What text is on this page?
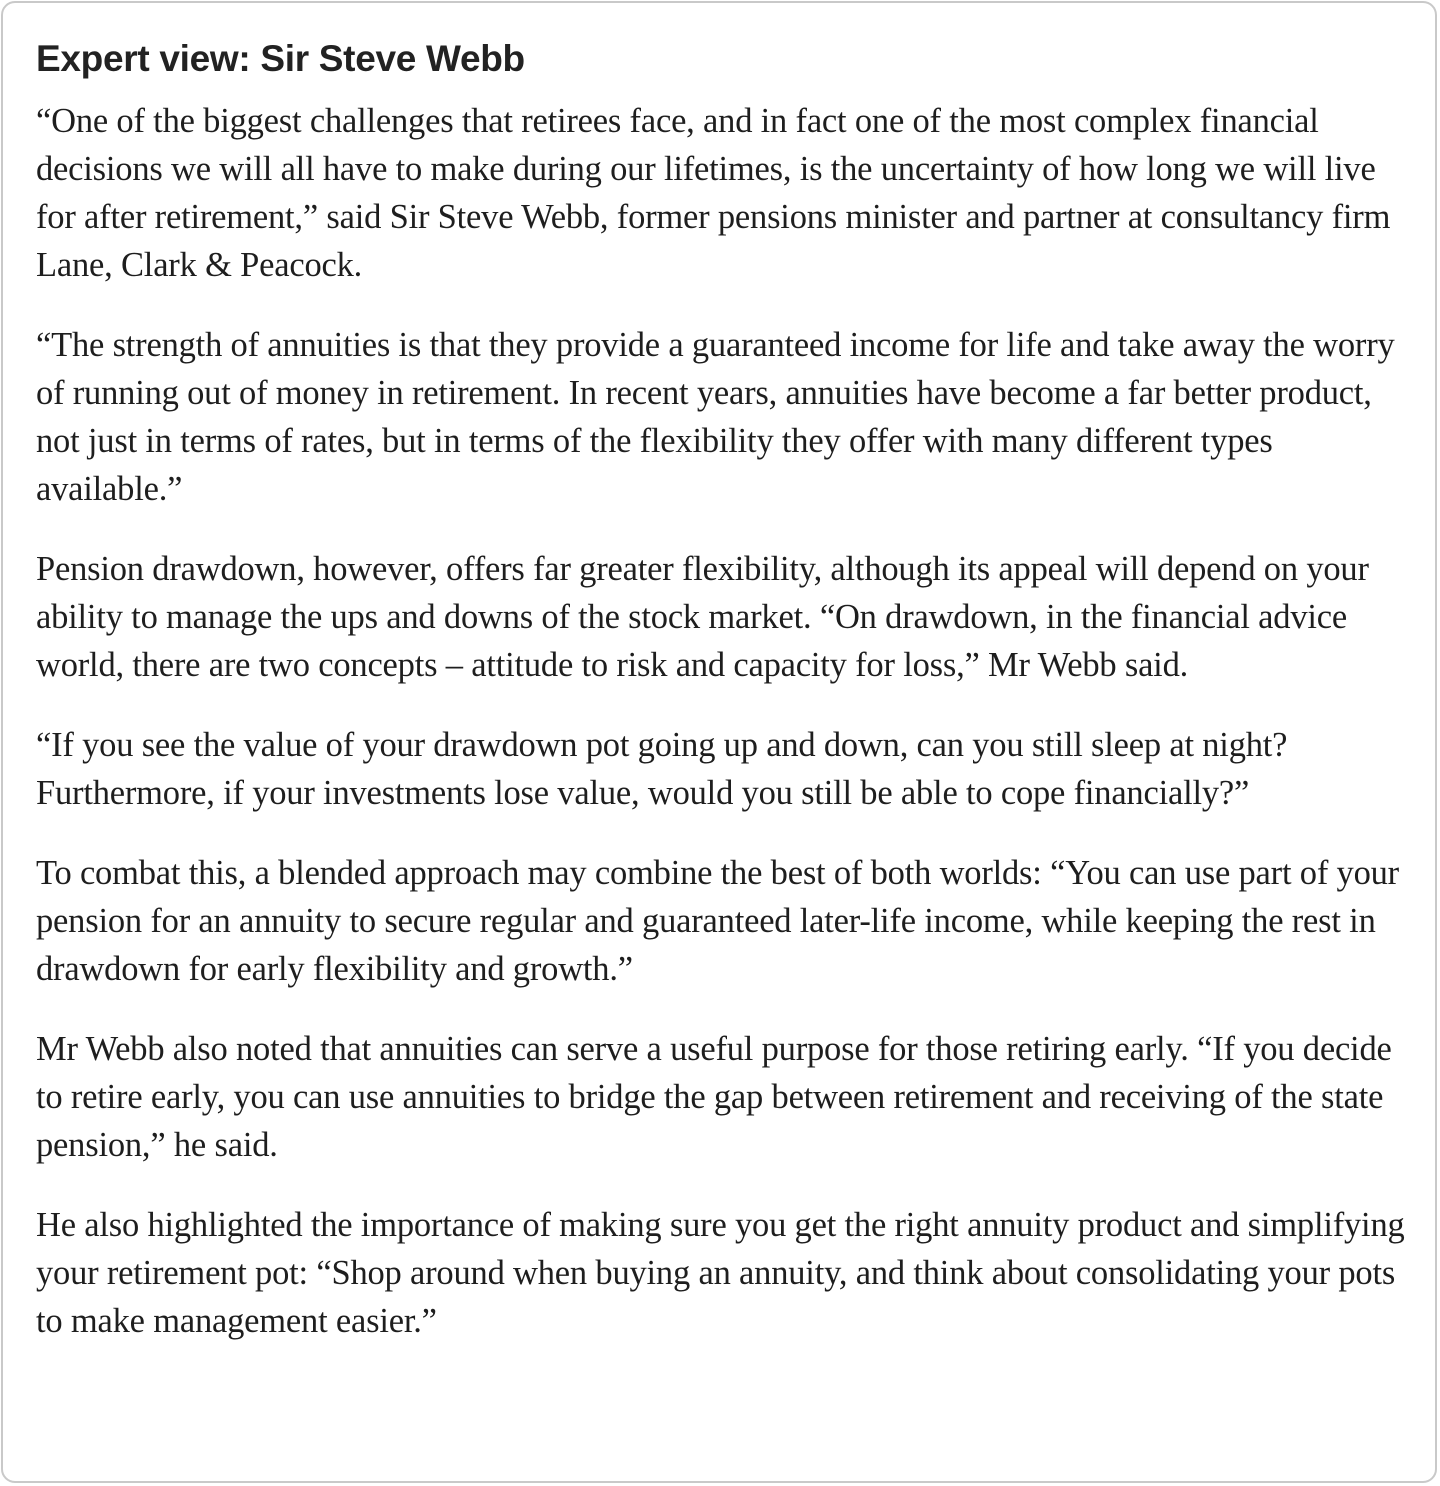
Expert view: Sir Steve Webb

“One of the biggest challenges that retirees face, and in fact one of the most complex financial decisions we will all have to make during our lifetimes, is the uncertainty of how long we will live for after retirement,” said Sir Steve Webb, former pensions minister and partner at consultancy firm Lane, Clark & Peacock.

“The strength of annuities is that they provide a guaranteed income for life and take away the worry of running out of money in retirement. In recent years, annuities have become a far better product, not just in terms of rates, but in terms of the flexibility they offer with many different types available.”

Pension drawdown, however, offers far greater flexibility, although its appeal will depend on your ability to manage the ups and downs of the stock market. “On drawdown, in the financial advice world, there are two concepts – attitude to risk and capacity for loss,” Mr Webb said.

“If you see the value of your drawdown pot going up and down, can you still sleep at night? Furthermore, if your investments lose value, would you still be able to cope financially?”

To combat this, a blended approach may combine the best of both worlds: “You can use part of your pension for an annuity to secure regular and guaranteed later-life income, while keeping the rest in drawdown for early flexibility and growth.”

Mr Webb also noted that annuities can serve a useful purpose for those retiring early. “If you decide to retire early, you can use annuities to bridge the gap between retirement and receiving of the state pension,” he said.

He also highlighted the importance of making sure you get the right annuity product and simplifying your retirement pot: “Shop around when buying an annuity, and think about consolidating your pots to make management easier.”
